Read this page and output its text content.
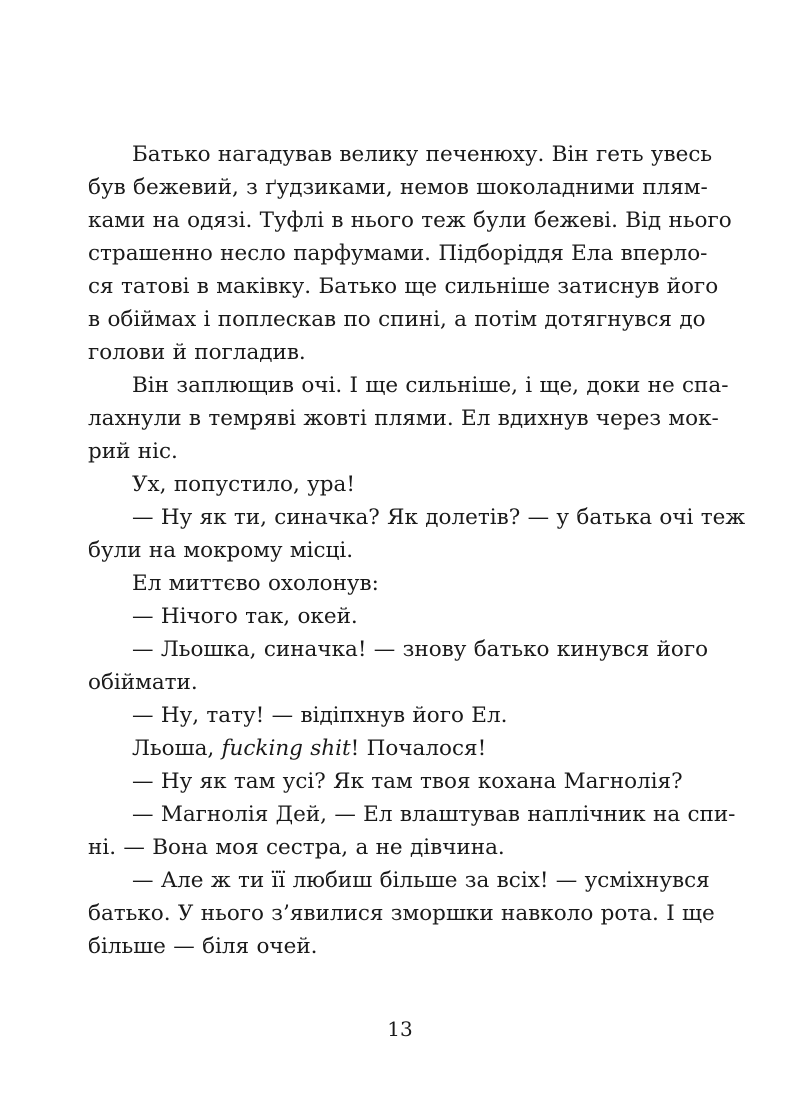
Батько нагадував велику печенюху. Він геть увесь
був бежевий, з ґудзиками, немов шоколадними плям-
ками на одязі. Туфлі в нього теж були бежеві. Від нього
страшенно несло парфумами. Підборіддя Ела вперло-
ся татові в маківку. Батько ще сильніше затиснув його
в обіймах і поплескав по спині, а потім дотягнувся до
голови й погладив.
Він заплющив очі. І ще сильніше, і ще, доки не спа-
лахнули в темряві жовті плями. Ел вдихнув через мок-
рий ніс.
Ух, попустило, ура!
— Ну як ти, синачка? Як долетів? — у батька очі теж
були на мокрому місці.
Ел миттєво охолонув:
— Нічого так, окей.
— Льошка, синачка! — знову батько кинувся його
обіймати.
— Ну, тату! — відіпхнув його Ел.
Льоша, fucking shit! Почалося!
— Ну як там усі? Як там твоя кохана Магнолія?
— Магнолія Дей, — Ел влаштував наплічник на спи-
ні. — Вона моя сестра, а не дівчина.
— Але ж ти її любиш більше за всіх! — усміхнувся
батько. У нього з’явилися зморшки навколо рота. І ще
більше — біля очей.
13
